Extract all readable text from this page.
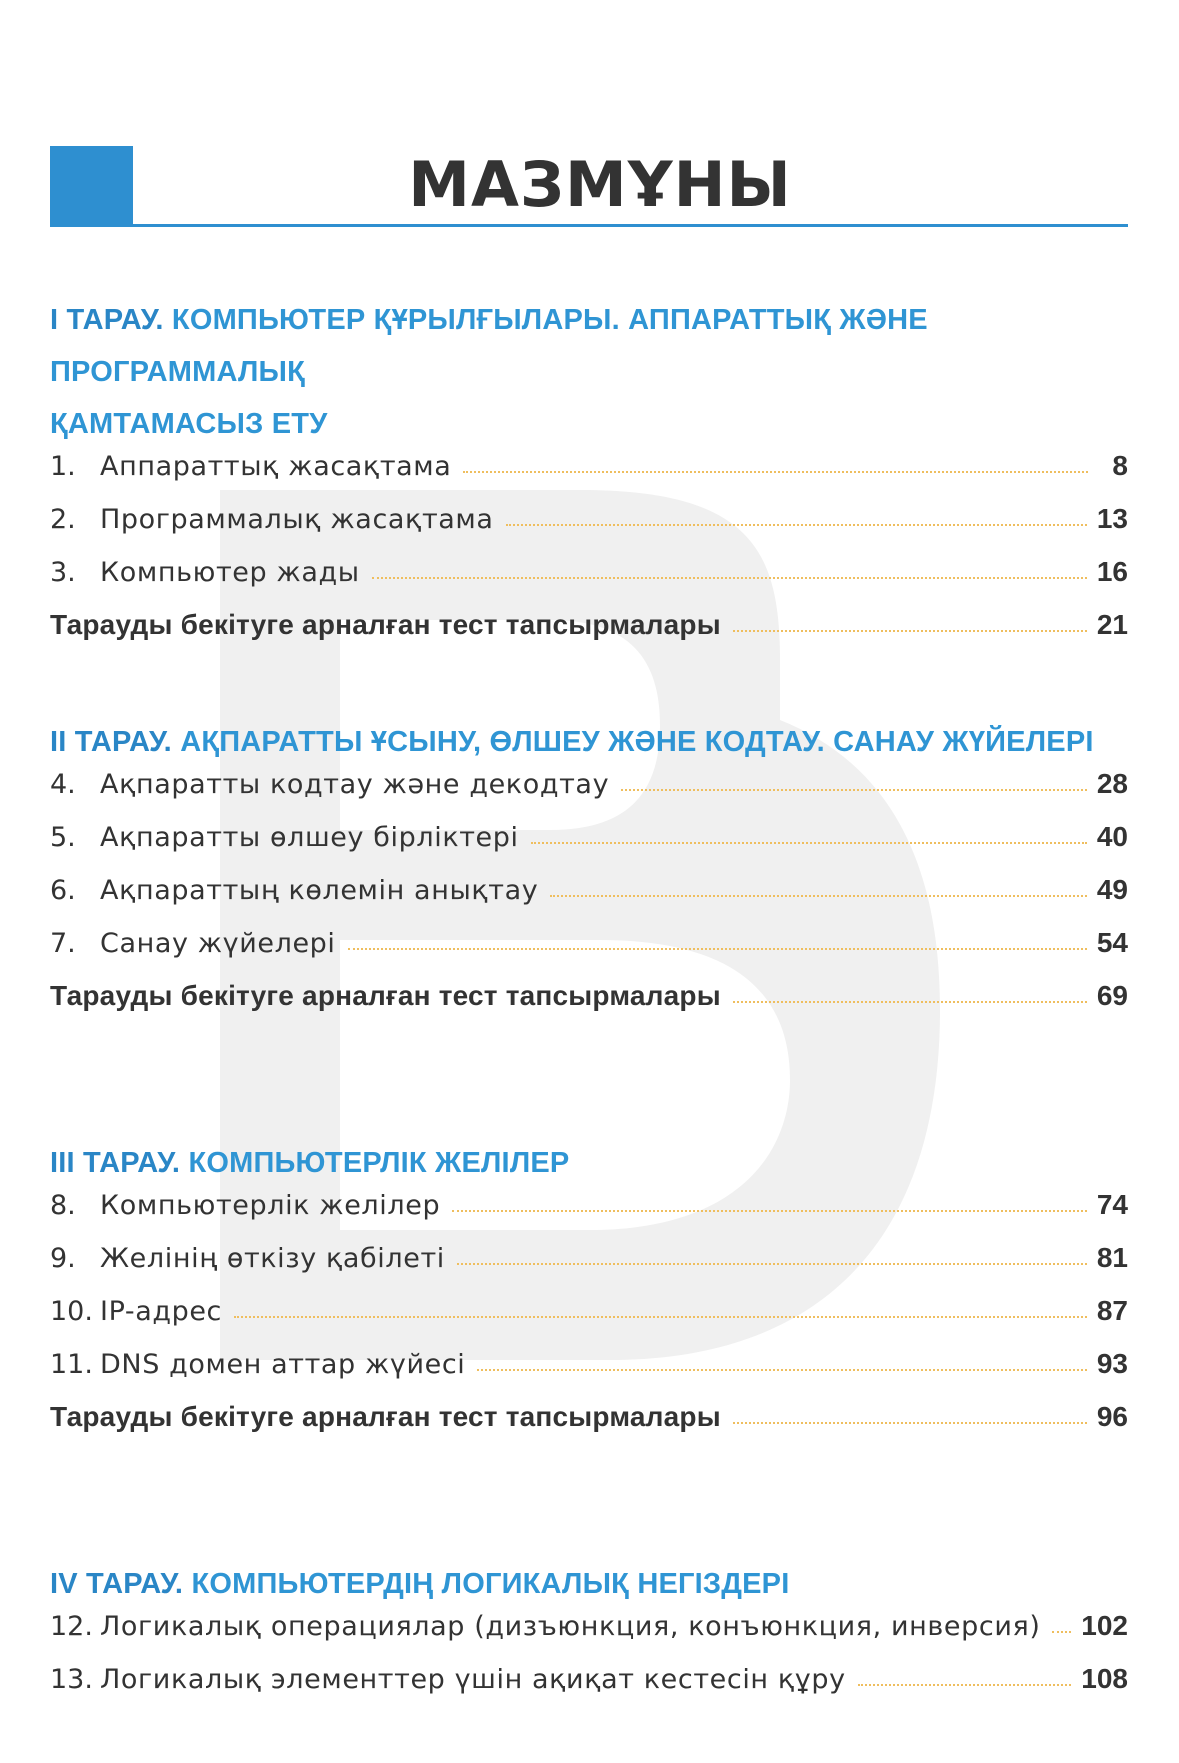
МАЗМҰНЫ
I ТАРАУ. КОМПЬЮТЕР ҚҰРЫЛҒЫЛАРЫ. АППАРАТТЫҚ ЖӘНЕ ПРОГРАММАЛЫҚ
ҚАМТАМАСЫЗ ЕТУ
1. Аппараттық жасақтама	8
2. Программалық жасақтама	13
3. Компьютер жады	16
Тарауды бекітуге арналған тест тапсырмалары	21
II ТАРАУ. АҚПАРАТТЫ ҰСЫНУ, ӨЛШЕУ ЖӘНЕ КОДТАУ. САНАУ ЖҮЙЕЛЕРІ
4. Ақпаратты кодтау және декодтау	28
5. Ақпаратты өлшеу бірліктері	40
6. Ақпараттың көлемін анықтау	49
7. Санау жүйелері	54
Тарауды бекітуге арналған тест тапсырмалары	69
III ТАРАУ. КОМПЬЮТЕРЛІК ЖЕЛІЛЕР
8. Компьютерлік желілер	74
9. Желінің өткізу қабілеті	81
10. IP-адрес	87
11. DNS домен аттар жүйесі	93
Тарауды бекітуге арналған тест тапсырмалары	96
IV ТАРАУ. КОМПЬЮТЕРДІҢ ЛОГИКАЛЫҚ НЕГІЗДЕРІ
12. Логикалық операциялар (дизъюнкция, конъюнкция, инверсия) 102
13. Логикалық элементтер үшін ақиқат кестесін құру	108
